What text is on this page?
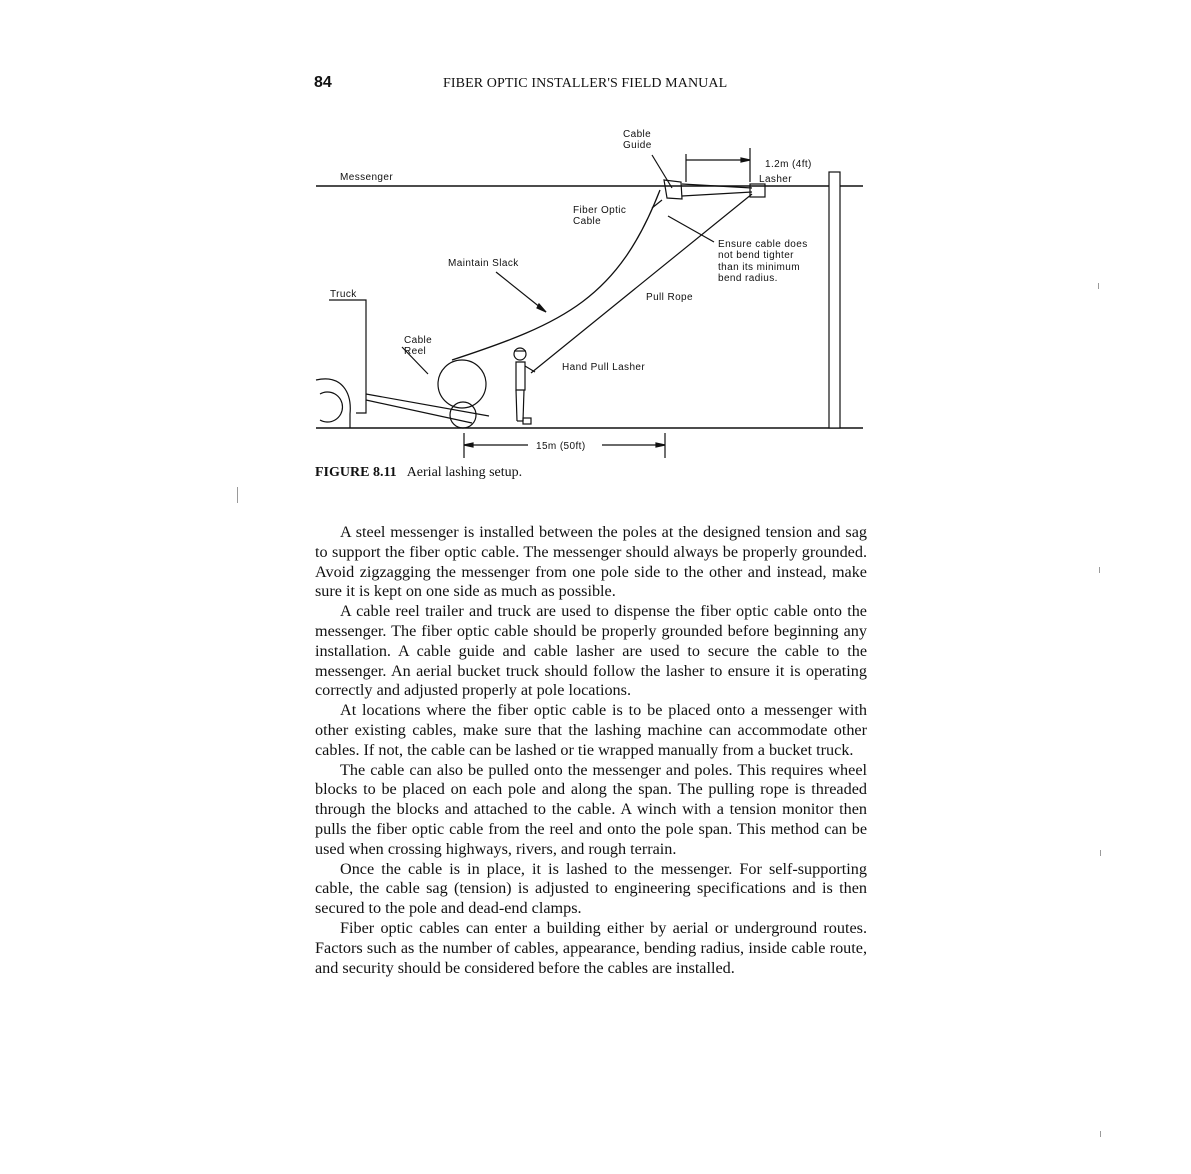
84	FIBER OPTIC INSTALLER'S FIELD MANUAL
Cable
Guide
1.2m (4ft)
Lasher
Messenger
Fiber Optic
Cable
Ensure cable does
not bend tighter
than its minimum
bend radius.
Maintain Slack
Truck	Pull Rope
Cable
Reel
Hand Pull Lasher
15m (50ft)
FIGURE 8.11 Aerial lashing setup.

A steel messenger is installed between the poles at the designed tension and sag to support the fiber optic cable. The messenger should always be properly grounded. Avoid zigzagging the messenger from one pole side to the other and instead, make sure it is kept on one side as much as possible.

A cable reel trailer and truck are used to dispense the fiber optic cable onto the messenger. The fiber optic cable should be properly grounded before beginning any installation. A cable guide and cable lasher are used to secure the cable to the messenger. An aerial bucket truck should follow the lasher to ensure it is operating correctly and adjusted properly at pole locations.

At locations where the fiber optic cable is to be placed onto a messenger with other existing cables, make sure that the lashing machine can accommodate other cables. If not, the cable can be lashed or tie wrapped manually from a bucket truck.

The cable can also be pulled onto the messenger and poles. This requires wheel blocks to be placed on each pole and along the span. The pulling rope is threaded through the blocks and attached to the cable. A winch with a tension monitor then pulls the fiber optic cable from the reel and onto the pole span. This method can be used when crossing highways, rivers, and rough terrain.

Once the cable is in place, it is lashed to the messenger. For self-supporting cable, the cable sag (tension) is adjusted to engineering specifications and is then secured to the pole and dead-end clamps.

Fiber optic cables can enter a building either by aerial or underground routes. Factors such as the number of cables, appearance, bending radius, inside cable route, and security should be considered before the cables are installed.
